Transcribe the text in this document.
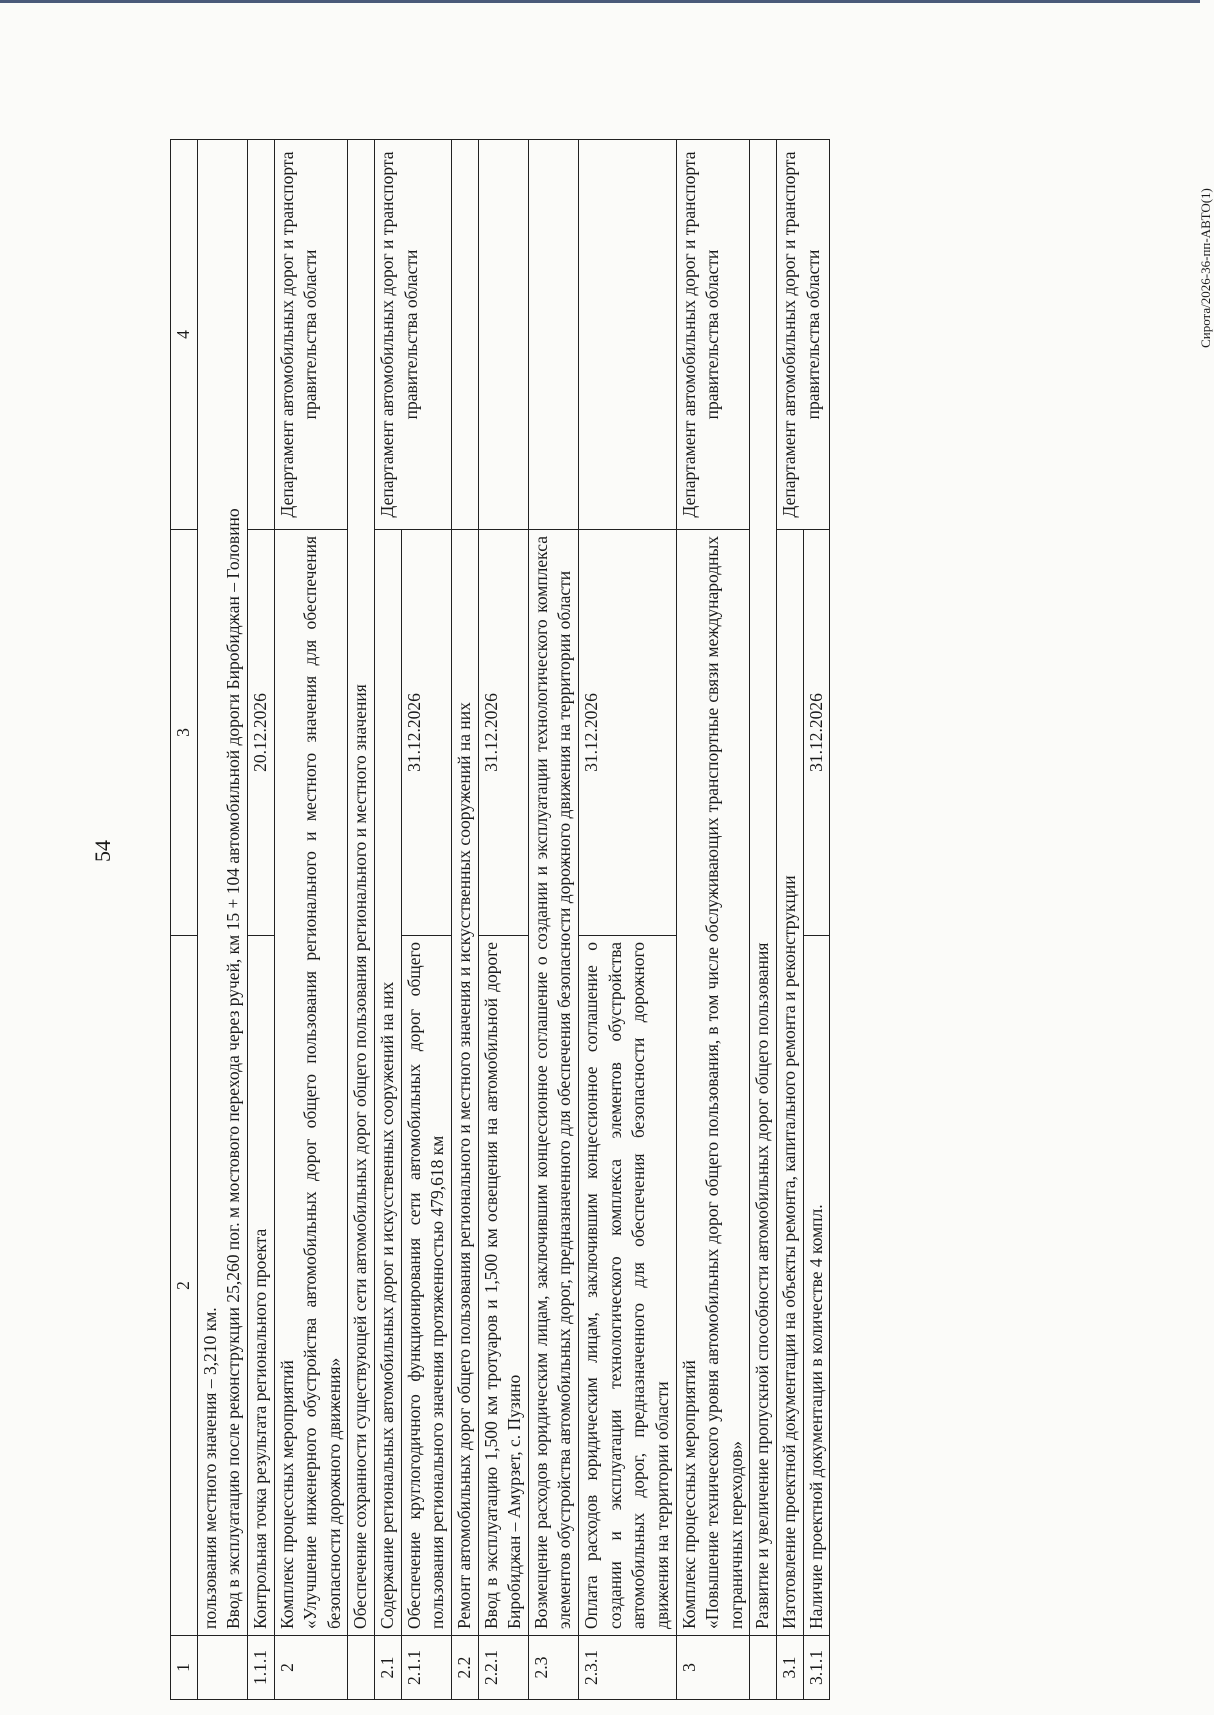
54
Сирота/2026-36-пп-АВТО(1)
1	2	3	4

	пользования местного значения – 3,210 км. Ввод в эксплуатацию после реконструкции 25,260 пог. м мостового перехода через ручей, км 15 + 104 автомобильной дороги Биробиджан – Головино		

1.1.1	Контрольная точка результата регионального проекта	20.12.2026	
2	Комплекс процессных мероприятий «Улучшение инженерного обустройства автомобильных дорог общего пользования регионального и местного значения для обеспечения безопасности дорожного движения»		Департамент автомобильных дорог и транспорта правительства области
	Обеспечение сохранности существующей сети автомобильных дорог общего пользования регионального и местного значения		
2.1	Содержание региональных автомобильных дорог и искусственных сооружений на них		Департамент автомобильных дорог и транспорта правительства области
2.1.1	Обеспечение круглогодичного функционирования сети автомобильных дорог общего пользования регионального значения протяженностью 479,618 км	31.12.2026	
2.2	Ремонт автомобильных дорог общего пользования регионального и местного значения и искусственных сооружений на них		
2.2.1	Ввод в эксплуатацию 1,500 км тротуаров и 1,500 км освещения на автомобильной дороге Биробиджан – Амурзет, с. Пузино	31.12.2026	
2.3	Возмещение расходов юридическим лицам, заключившим концессионное соглашение о создании и эксплуатации технологического комплекса элементов обустройства автомобильных дорог, предназначенного для обеспечения безопасности дорожного движения на территории области		
2.3.1	Оплата расходов юридическим лицам, заключившим концессионное соглашение о создании и эксплуатации технологического комплекса элементов обустройства автомобильных дорог, предназначенного для обеспечения безопасности дорожного движения на территории области	31.12.2026	
3	Комплекс процессных мероприятий «Повышение технического уровня автомобильных дорог общего пользования, в том числе обслуживающих транспортные связи международных пограничных переходов»		Департамент автомобильных дорог и транспорта правительства области
	Развитие и увеличение пропускной способности автомобильных дорог общего пользования		
3.1	Изготовление проектной документации на объекты ремонта, капитального ремонта и реконструкции		Департамент автомобильных дорог и транспорта правительства области
3.1.1	Наличие проектной документации в количестве 4 компл.	31.12.2026	
